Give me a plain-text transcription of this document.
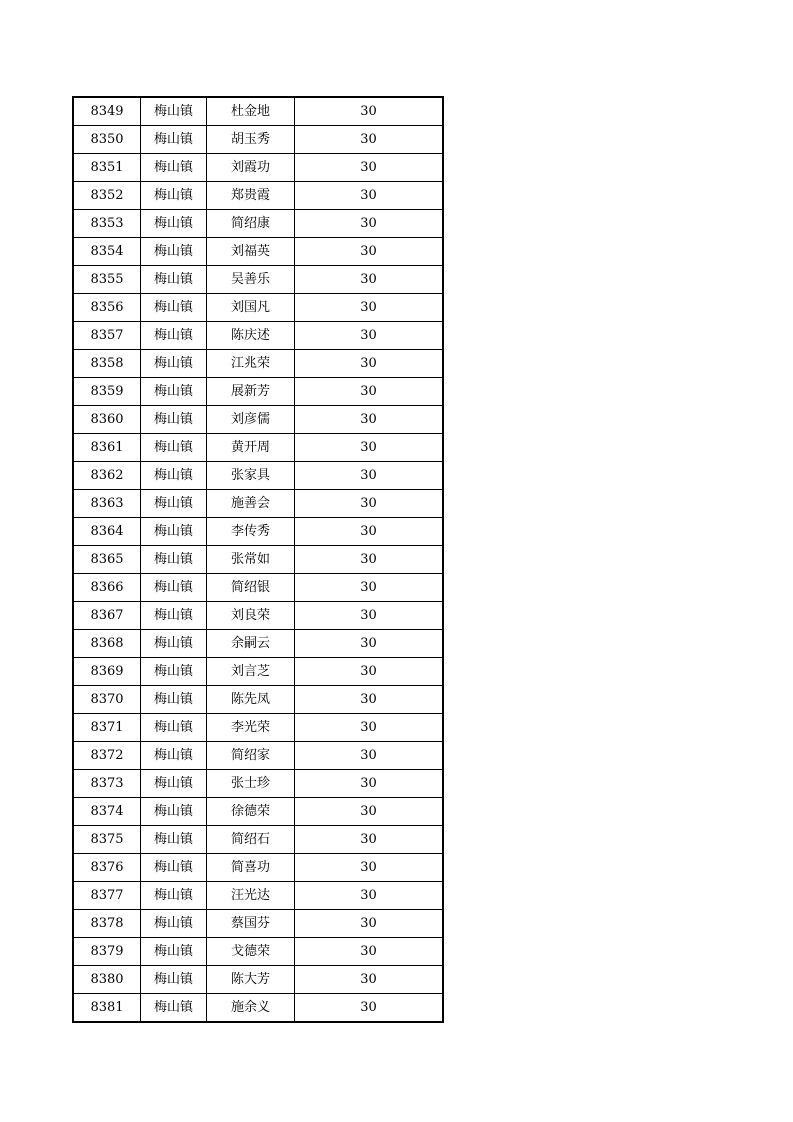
8349	梅山镇	杜金地	30
8350	梅山镇	胡玉秀	30
8351	梅山镇	刘霞功	30
8352	梅山镇	郑贵霞	30
8353	梅山镇	简绍康	30
8354	梅山镇	刘福英	30
8355	梅山镇	吴善乐	30
8356	梅山镇	刘国凡	30
8357	梅山镇	陈庆述	30
8358	梅山镇	江兆荣	30
8359	梅山镇	展新芳	30
8360	梅山镇	刘彦儒	30
8361	梅山镇	黄开周	30
8362	梅山镇	张家具	30
8363	梅山镇	施善会	30
8364	梅山镇	李传秀	30
8365	梅山镇	张常如	30
8366	梅山镇	简绍银	30
8367	梅山镇	刘良荣	30
8368	梅山镇	余嗣云	30
8369	梅山镇	刘言芝	30
8370	梅山镇	陈先凤	30
8371	梅山镇	李光荣	30
8372	梅山镇	简绍家	30
8373	梅山镇	张士珍	30
8374	梅山镇	徐德荣	30
8375	梅山镇	简绍石	30
8376	梅山镇	简喜功	30
8377	梅山镇	汪光达	30
8378	梅山镇	蔡国芬	30
8379	梅山镇	戈德荣	30
8380	梅山镇	陈大芳	30
8381	梅山镇	施余义	30
